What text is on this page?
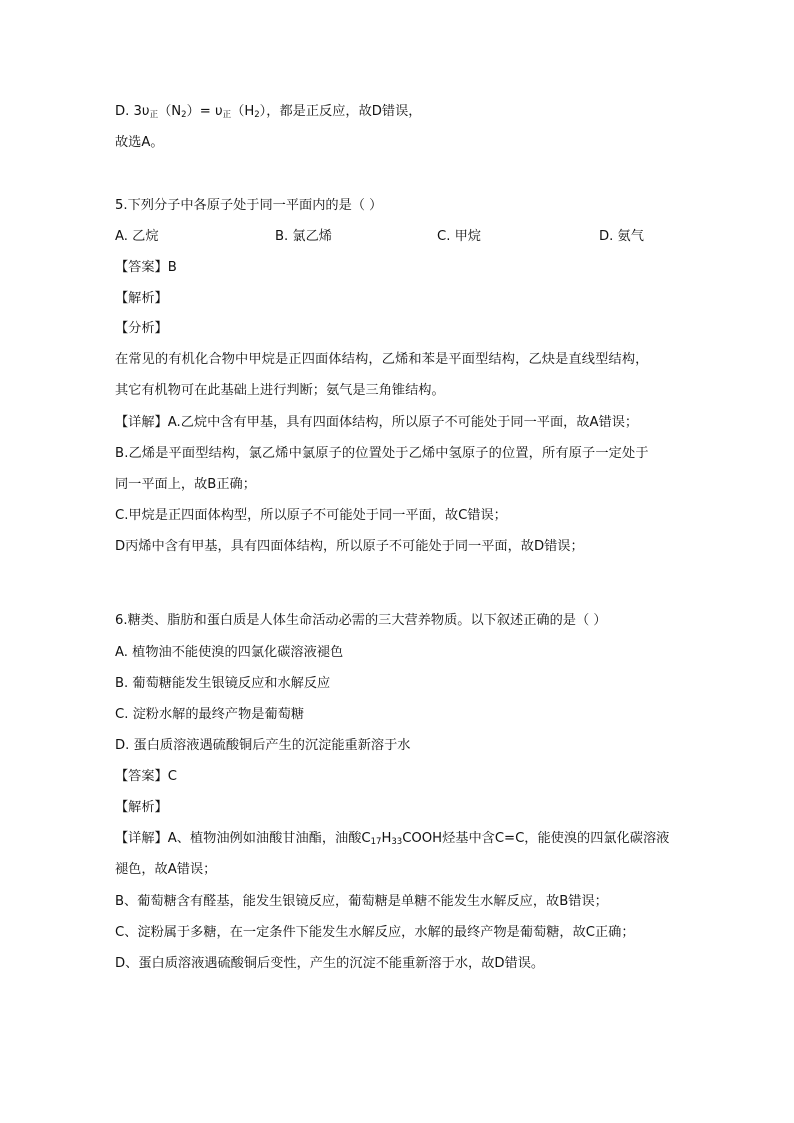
D. 3υ正$(N_2)= \upsilon$正$(H_2)$，都是正反应，故D错误，
故选A。
5.下列分子中各原子处于同一平面内的是（ ）
A. 乙烷	B. 氯乙烯	C. 甲烷	D. 氨气
【答案】B
【解析】
【分析】
在常见的有机化合物中甲烷是正四面体结构，乙烯和苯是平面型结构，乙炔是直线型结构，
其它有机物可在此基础上进行判断；氨气是三角锥结构。
【详解】A.乙烷中含有甲基，具有四面体结构，所以原子不可能处于同一平面，故A错误；
B.乙烯是平面型结构，氯乙烯中氯原子的位置处于乙烯中氢原子的位置，所有原子一定处于
同一平面上，故B正确；
C.甲烷是正四面体构型，所以原子不可能处于同一平面，故C错误；
D丙烯中含有甲基，具有四面体结构，所以原子不可能处于同一平面，故D错误；
6.糖类、脂肪和蛋白质是人体生命活动必需的三大营养物质。以下叙述正确的是（ ）
A. 植物油不能使溴的四氯化碳溶液褪色
B. 葡萄糖能发生银镜反应和水解反应
C. 淀粉水解的最终产物是葡萄糖
D. 蛋白质溶液遇硫酸铜后产生的沉淀能重新溶于水
【答案】C
【解析】
【详解】A、植物油例如油酸甘油酯，油酸$C_{17}H_{33}COOH$烃基中含C=C，能使溴的四氯化碳溶液
褪色，故A错误；
B、葡萄糖含有醛基，能发生银镜反应，葡萄糖是单糖不能发生水解反应，故B错误；
C、淀粉属于多糖，在一定条件下能发生水解反应，水解的最终产物是葡萄糖，故C正确；
D、蛋白质溶液遇硫酸铜后变性，产生的沉淀不能重新溶于水，故D错误。
